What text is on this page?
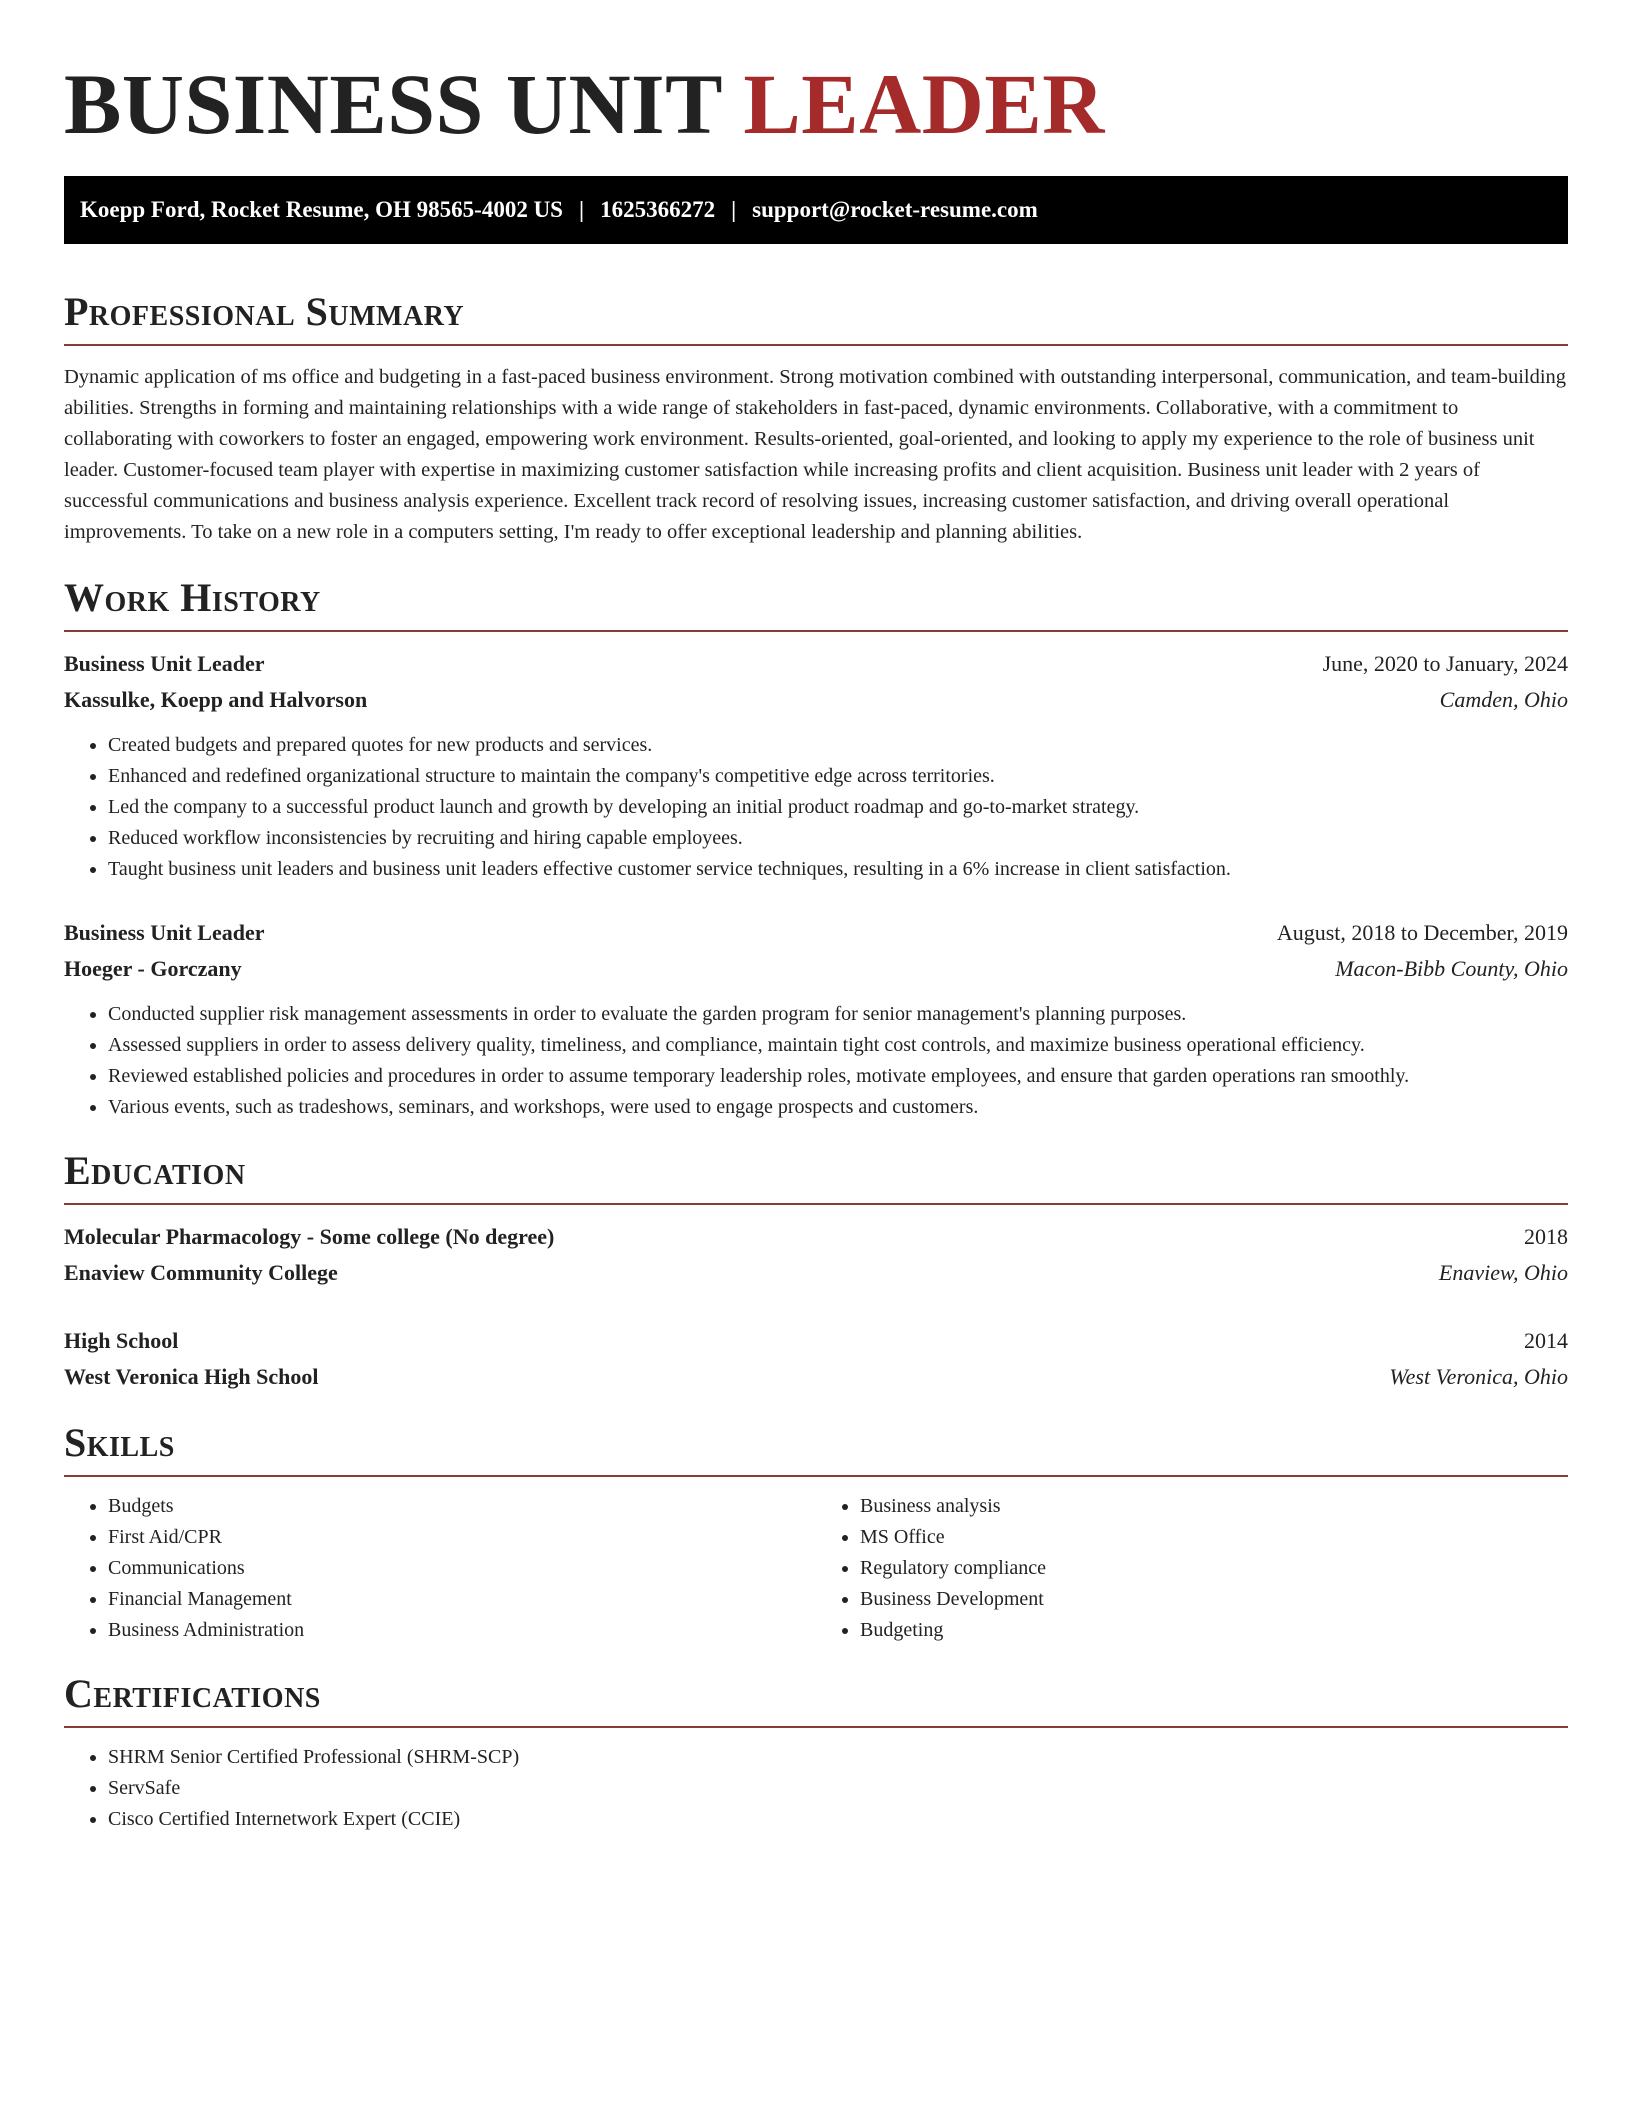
BUSINESS UNIT LEADER
Koepp Ford, Rocket Resume, OH 98565-4002 US | 1625366272 | support@rocket-resume.com
Professional Summary
Dynamic application of ms office and budgeting in a fast-paced business environment. Strong motivation combined with outstanding interpersonal, communication, and team-building abilities. Strengths in forming and maintaining relationships with a wide range of stakeholders in fast-paced, dynamic environments. Collaborative, with a commitment to collaborating with coworkers to foster an engaged, empowering work environment. Results-oriented, goal-oriented, and looking to apply my experience to the role of business unit leader. Customer-focused team player with expertise in maximizing customer satisfaction while increasing profits and client acquisition. Business unit leader with 2 years of successful communications and business analysis experience. Excellent track record of resolving issues, increasing customer satisfaction, and driving overall operational improvements. To take on a new role in a computers setting, I'm ready to offer exceptional leadership and planning abilities.
Work History
Business Unit Leader	June, 2020 to January, 2024
Kassulke, Koepp and Halvorson	Camden, Ohio
• Created budgets and prepared quotes for new products and services.
• Enhanced and redefined organizational structure to maintain the company's competitive edge across territories.
• Led the company to a successful product launch and growth by developing an initial product roadmap and go-to-market strategy.
• Reduced workflow inconsistencies by recruiting and hiring capable employees.
• Taught business unit leaders and business unit leaders effective customer service techniques, resulting in a 6% increase in client satisfaction.
Business Unit Leader	August, 2018 to December, 2019
Hoeger - Gorczany	Macon-Bibb County, Ohio
• Conducted supplier risk management assessments in order to evaluate the garden program for senior management's planning purposes.
• Assessed suppliers in order to assess delivery quality, timeliness, and compliance, maintain tight cost controls, and maximize business operational efficiency.
• Reviewed established policies and procedures in order to assume temporary leadership roles, motivate employees, and ensure that garden operations ran smoothly.
• Various events, such as tradeshows, seminars, and workshops, were used to engage prospects and customers.
Education
Molecular Pharmacology - Some college (No degree)	2018
Enaview Community College	Enaview, Ohio
High School	2014
West Veronica High School	West Veronica, Ohio
Skills
• Budgets
• First Aid/CPR
• Communications
• Financial Management
• Business Administration
• Business analysis
• MS Office
• Regulatory compliance
• Business Development
• Budgeting
Certifications
• SHRM Senior Certified Professional (SHRM-SCP)
• ServSafe
• Cisco Certified Internetwork Expert (CCIE)
